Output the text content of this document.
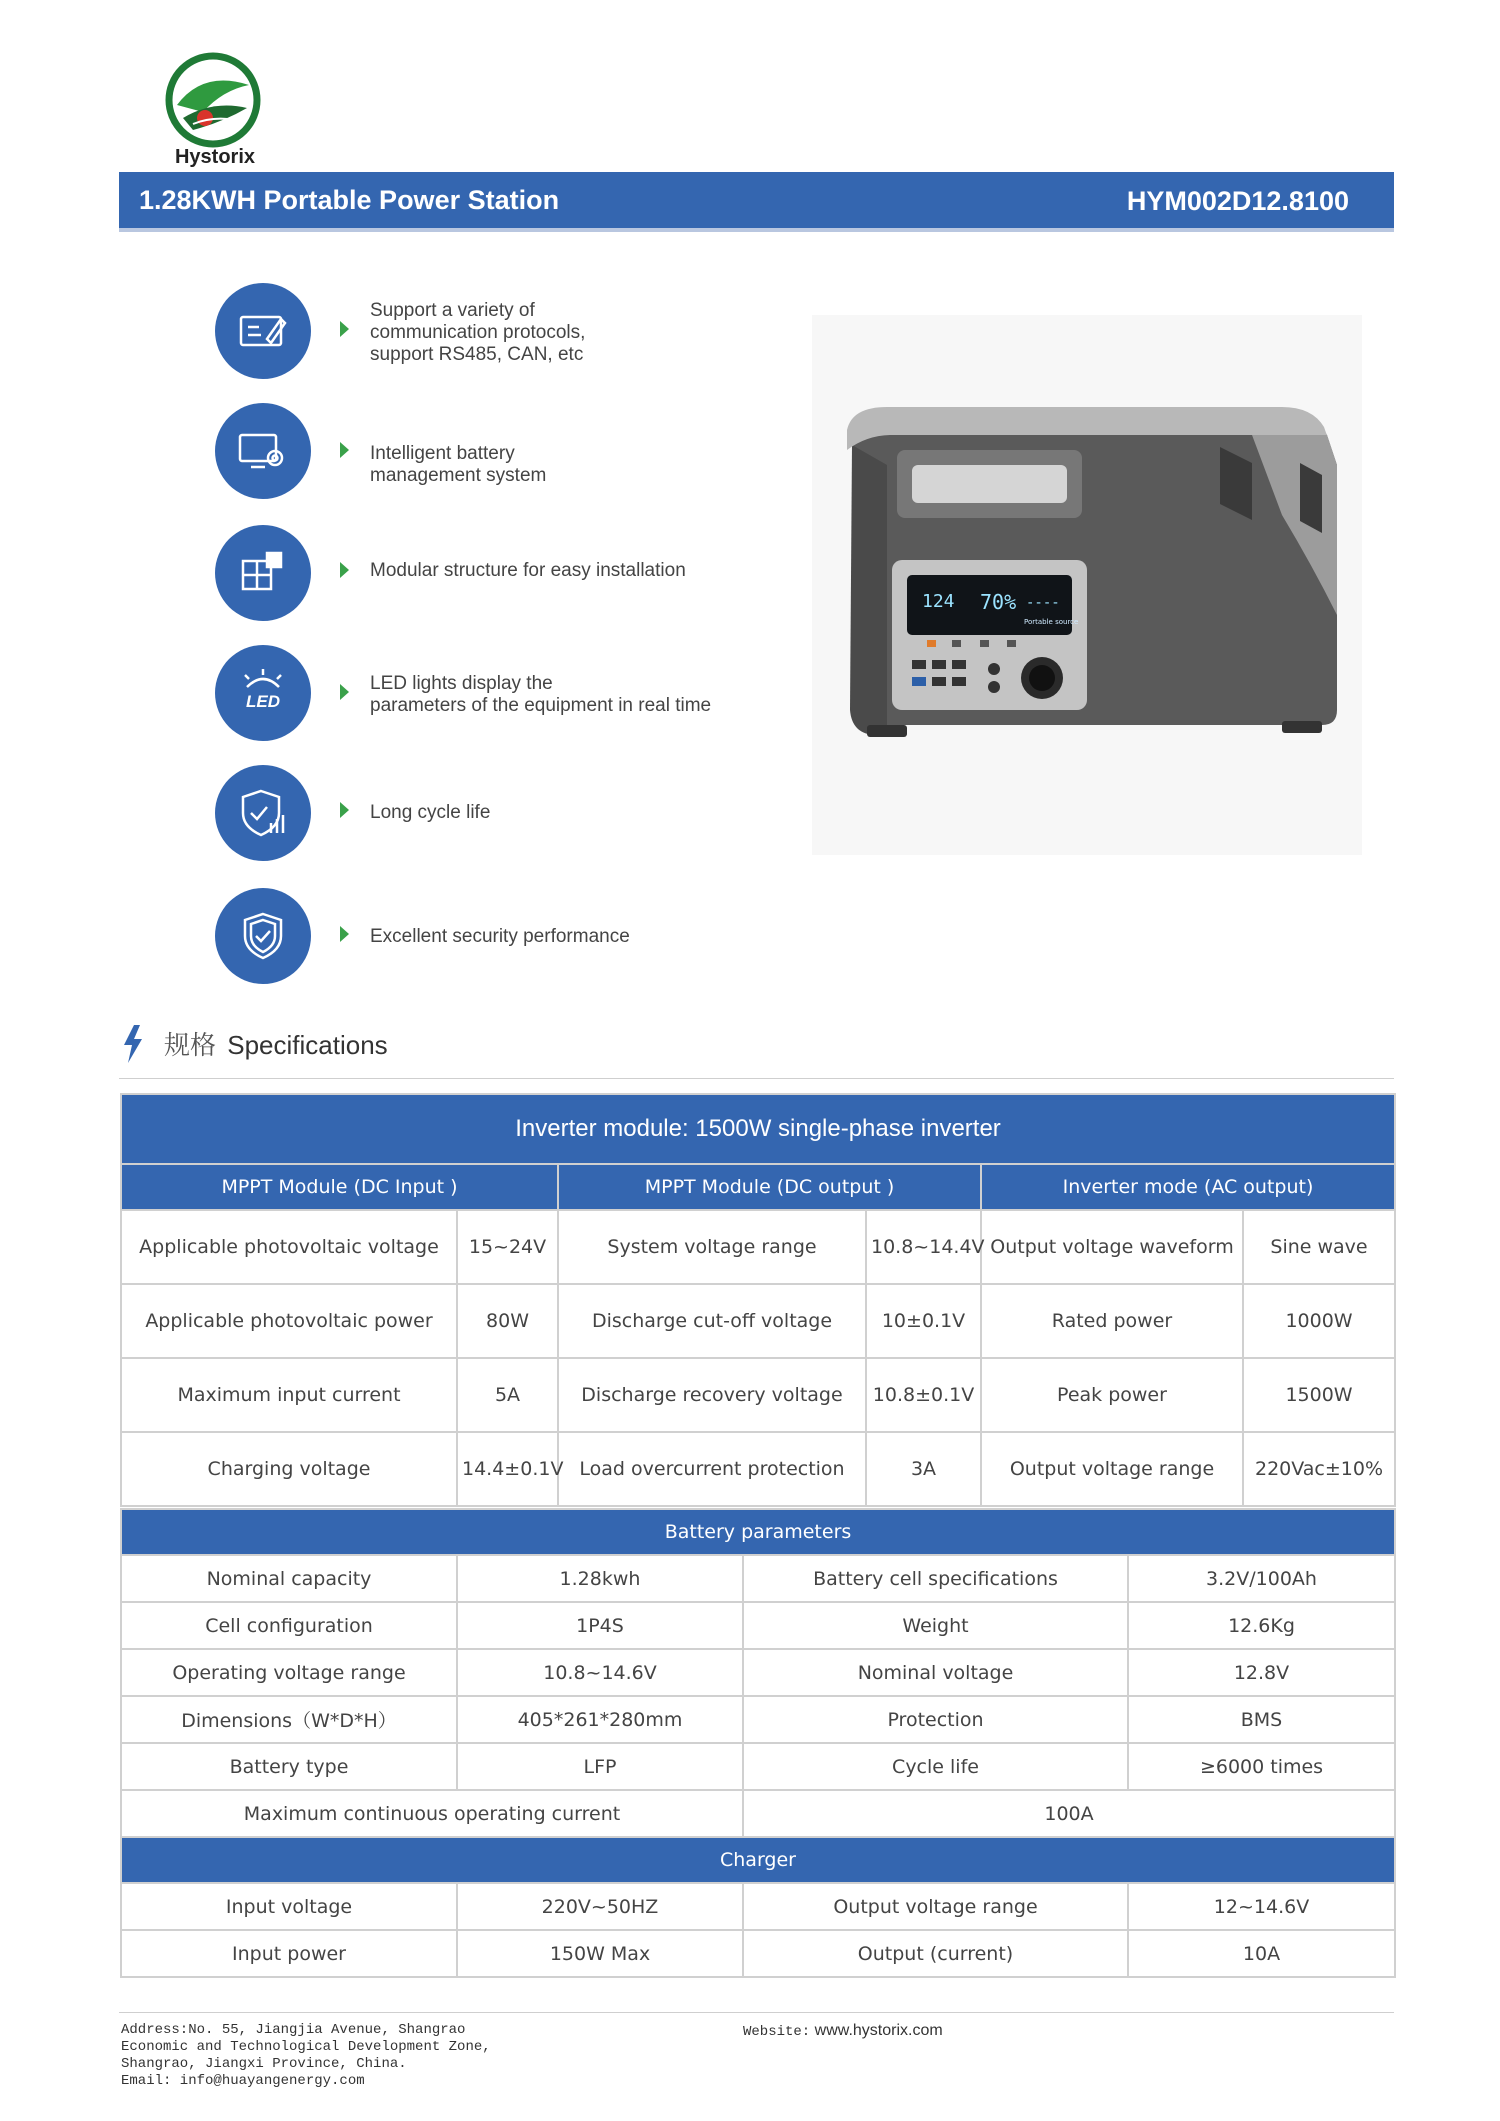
Hystorix
1.28KWH Portable Power Station	HYM002D12.8100
Support a variety of
communication protocols,
support RS485, CAN, etc
Intelligent battery
management system
Modular structure for easy installation
LED
LED lights display the
parameters of the equipment in real time
Long cycle life
Excellent security performance
124 70% ----
Portable source
规格 Specifications
Inverter module: 1500W single-phase inverter					
MPPT Module (DC Input )		MPPT Module (DC output )		Inverter mode (AC output)	
Applicable photovoltaic voltage	15~24V	System voltage range	10.8~14.4V	Output voltage waveform	Sine wave
Applicable photovoltaic power	80W	Discharge cut-off voltage	10±0.1V	Rated power	1000W
Maximum input current	5A	Discharge recovery voltage	10.8±0.1V	Peak power	1500W
Charging voltage	14.4±0.1V	Load overcurrent protection	3A	Output voltage range	220Vac±10%
Battery parameters			
Nominal capacity	1.28kwh	Battery cell specifications	3.2V/100Ah
Cell configuration	1P4S	Weight	12.6Kg
Operating voltage range	10.8~14.6V	Nominal voltage	12.8V
Dimensions（W*D*H）	405*261*280mm	Protection	BMS
Battery type	LFP	Cycle life	≥6000 times
Maximum continuous operating current		100A	
Charger			
Input voltage	220V~50HZ	Output voltage range	12~14.6V
Input power	150W Max	Output (current)	10A
Address:No. 55, Jiangjia Avenue, Shangrao
Economic and Technological Development Zone,
Shangrao, Jiangxi Province, China.
Email: info@huayangenergy.com
Website: www.hystorix.com
